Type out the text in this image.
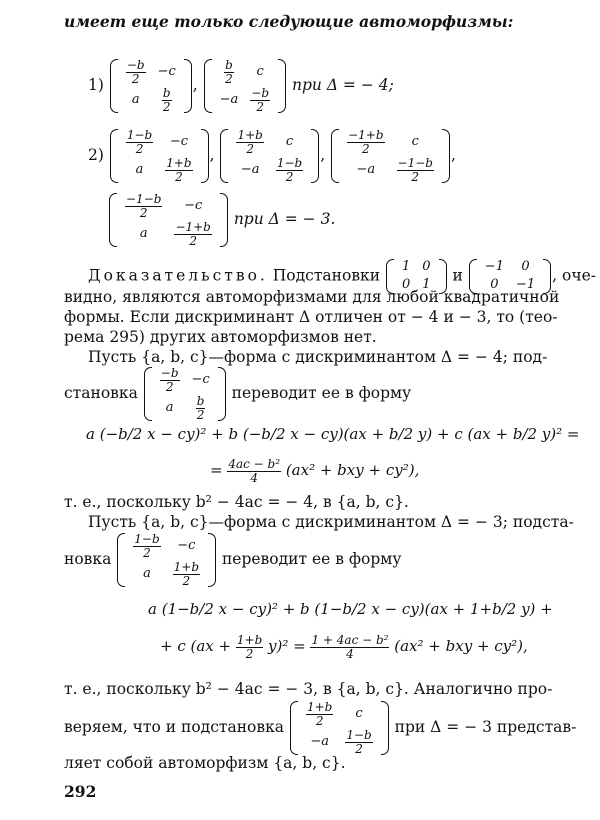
имеет еще только следующие автоморфизмы:
$1) \frac{-b}{2}$	−c
a	$\frac{b}{2}$
, $\frac{b}{2}$	c
−a	$\frac{-b}{2}$
при Δ = − 4;
$2) \frac{1-b}{2}$	−c
a	$\frac{1+b}{2}$
, $\frac{1+b}{2}$	c
−a	$\frac{1-b}{2}$
, $\frac{-1+b}{2}$	c
−a	$\frac{-1-b}{2}$
,
$\frac{-1-b}{2}$	−c
a	$\frac{-1+b}{2}$
при Δ = − 3.
Доказательство. Подстановки 1	0
0	1
и −1	0
0	−1
, оче-
видно, являются автоморфизмами для любой квадратичной
формы. Если дискриминант Δ отличен от − 4 и − 3, то (тео-
рема 295) других автоморфизмов нет.
Пусть {a, b, c}—форма с дискриминантом Δ = − 4; под-
становка $\frac{-b}{2}$	−c
a	$\frac{b}{2}$
переводит ее в форму
a (−b/2 x − cy)² + b (−b/2 x − cy)(ax + b/2 y) + c (ax + b/2 y)² =
= $\frac{\text{4ac − b²}}{4} (ax^2$ + bxy + cy²),
т. е., поскольку b² − 4ac = − 4, в {a, b, c}.
Пусть {a, b, c}—форма с дискриминантом Δ = − 3; подста-
новка $\frac{1-b}{2}$	−c
a	$\frac{1+b}{2}$
переводит ее в форму
a (1−b/2 x − cy)² + b (1−b/2 x − cy)(ax + 1+b/2 y) +
+ c $(ax + \frac{1+b}{2} y)^2 = \frac{\text{1 + 4ac − b²}}{4} (ax^2$ + bxy + cy²),
т. е., поскольку b² − 4ac = − 3, в {a, b, c}. Аналогично про-
веряем, что и подстановка $\frac{1+b}{2}$	c
−a	$\frac{1-b}{2}$
при Δ = − 3 представ-
ляет собой автоморфизм {a, b, c}.
292
